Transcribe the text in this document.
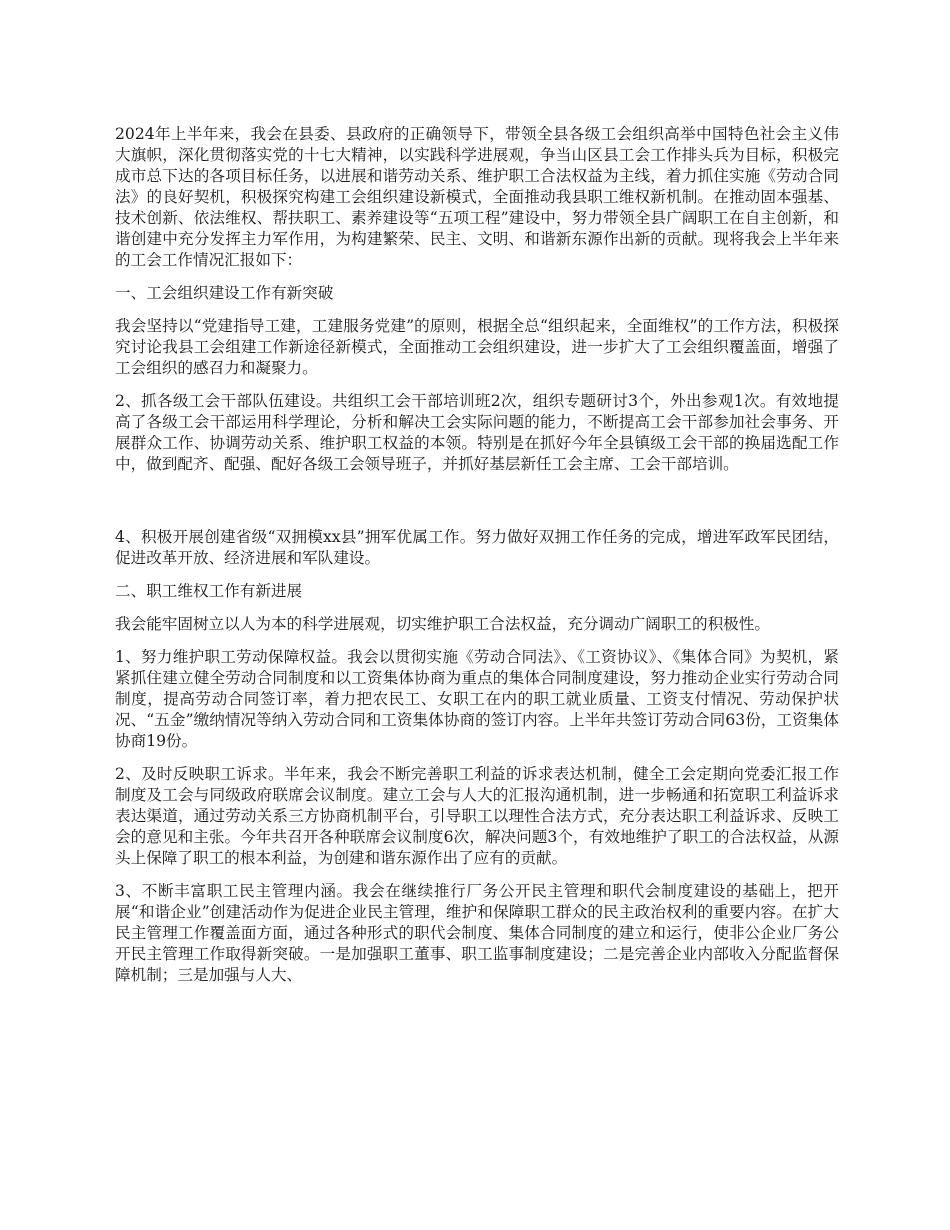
2024年上半年来，我会在县委、县政府的正确领导下，带领全县各级工会组织高举中国特色社会主义伟大旗帜，深化贯彻落实党的十七大精神，以实践科学进展观，争当山区县工会工作排头兵为目标，积极完成市总下达的各项目标任务，以进展和谐劳动关系、维护职工合法权益为主线，着力抓住实施《劳动合同法》的良好契机，积极探究构建工会组织建设新模式，全面推动我县职工维权新机制。在推动固本强基、技术创新、依法维权、帮扶职工、素养建设等“五项工程”建设中，努力带领全县广阔职工在自主创新，和谐创建中充分发挥主力军作用，为构建繁荣、民主、文明、和谐新东源作出新的贡献。现将我会上半年来的工会工作情况汇报如下：

一、工会组织建设工作有新突破

我会坚持以“党建指导工建，工建服务党建”的原则，根据全总“组织起来，全面维权”的工作方法，积极探究讨论我县工会组建工作新途径新模式，全面推动工会组织建设，进一步扩大了工会组织覆盖面，增强了工会组织的感召力和凝聚力。

2、抓各级工会干部队伍建设。共组织工会干部培训班2次，组织专题研讨3个，外出参观1次。有效地提高了各级工会干部运用科学理论，分析和解决工会实际问题的能力，不断提高工会干部参加社会事务、开展群众工作、协调劳动关系、维护职工权益的本领。特别是在抓好今年全县镇级工会干部的换届选配工作中，做到配齐、配强、配好各级工会领导班子，并抓好基层新任工会主席、工会干部培训。

4、积极开展创建省级“双拥模xx县”拥军优属工作。努力做好双拥工作任务的完成，增进军政军民团结，促进改革开放、经济进展和军队建设。

二、职工维权工作有新进展

我会能牢固树立以人为本的科学进展观，切实维护职工合法权益，充分调动广阔职工的积极性。

1、努力维护职工劳动保障权益。我会以贯彻实施《劳动合同法》、《工资协议》、《集体合同》为契机，紧紧抓住建立健全劳动合同制度和以工资集体协商为重点的集体合同制度建设，努力推动企业实行劳动合同制度，提高劳动合同签订率，着力把农民工、女职工在内的职工就业质量、工资支付情况、劳动保护状况、“五金”缴纳情况等纳入劳动合同和工资集体协商的签订内容。上半年共签订劳动合同63份，工资集体协商19份。

2、及时反映职工诉求。半年来，我会不断完善职工利益的诉求表达机制，健全工会定期向党委汇报工作制度及工会与同级政府联席会议制度。建立工会与人大的汇报沟通机制，进一步畅通和拓宽职工利益诉求表达渠道，通过劳动关系三方协商机制平台，引导职工以理性合法方式，充分表达职工利益诉求、反映工会的意见和主张。今年共召开各种联席会议制度6次，解决问题3个，有效地维护了职工的合法权益，从源头上保障了职工的根本利益，为创建和谐东源作出了应有的贡献。

3、不断丰富职工民主管理内涵。我会在继续推行厂务公开民主管理和职代会制度建设的基础上，把开展“和谐企业”创建活动作为促进企业民主管理，维护和保障职工群众的民主政治权利的重要内容。在扩大民主管理工作覆盖面方面，通过各种形式的职代会制度、集体合同制度的建立和运行，使非公企业厂务公开民主管理工作取得新突破。一是加强职工董事、职工监事制度建设；二是完善企业内部收入分配监督保障机制；三是加强与人大、
